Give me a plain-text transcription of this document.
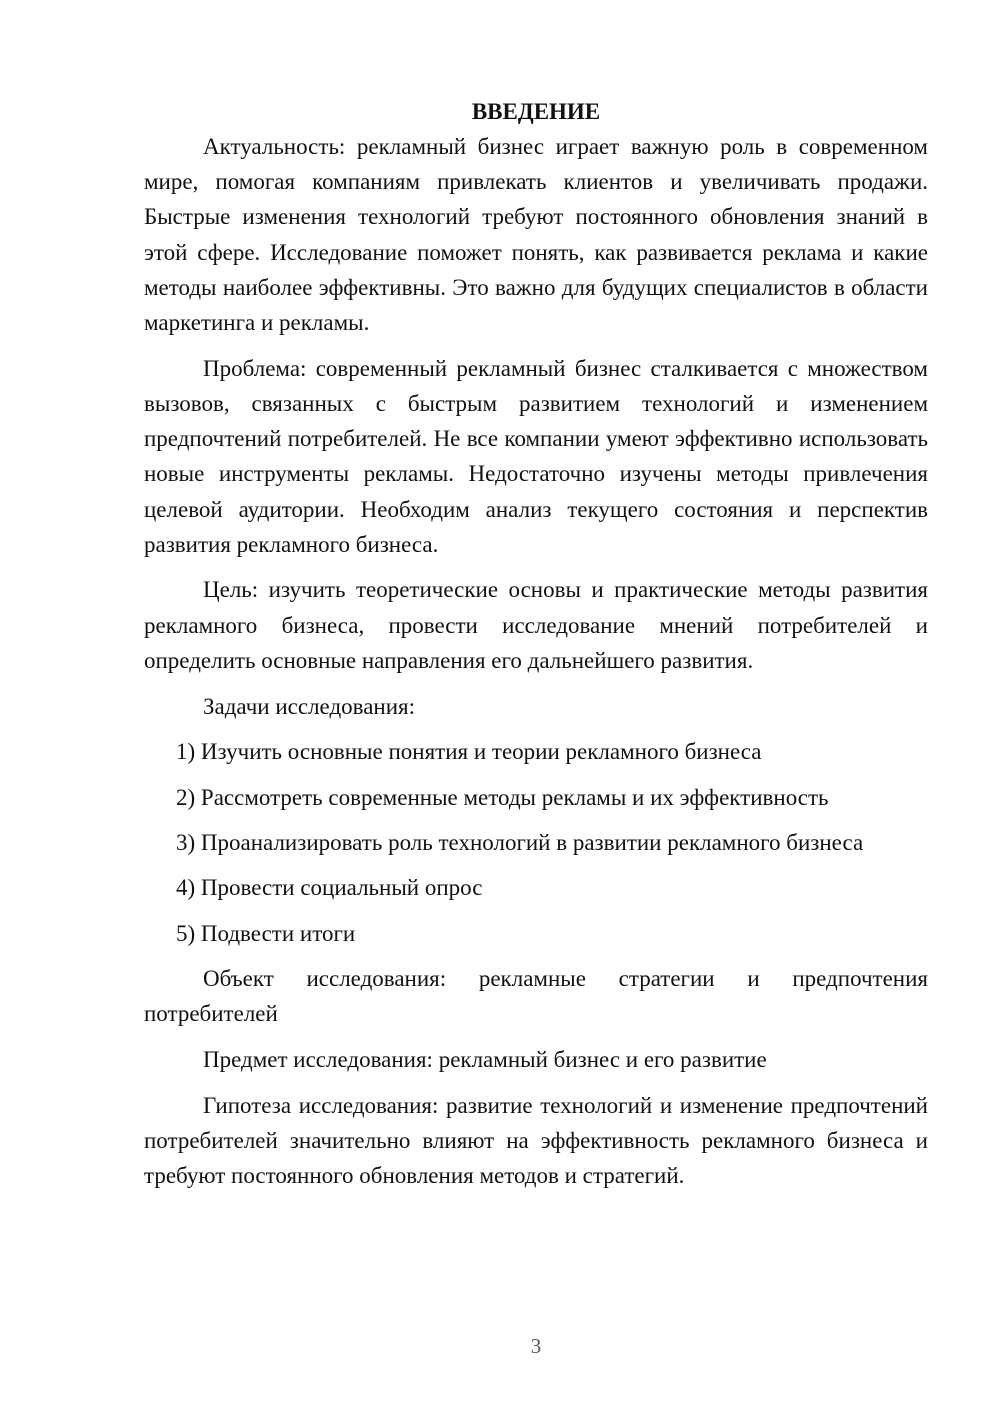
ВВЕДЕНИЕ

Актуальность: рекламный бизнес играет важную роль в современном мире, помогая компаниям привлекать клиентов и увеличивать продажи. Быстрые изменения технологий требуют постоянного обновления знаний в этой сфере. Исследование поможет понять, как развивается реклама и какие методы наиболее эффективны. Это важно для будущих специалистов в области маркетинга и рекламы.

Проблема: современный рекламный бизнес сталкивается с множеством вызовов, связанных с быстрым развитием технологий и изменением предпочтений потребителей. Не все компании умеют эффективно использовать новые инструменты рекламы. Недостаточно изучены методы привлечения целевой аудитории. Необходим анализ текущего состояния и перспектив развития рекламного бизнеса.

Цель: изучить теоретические основы и практические методы развития рекламного бизнеса, провести исследование мнений потребителей и определить основные направления его дальнейшего развития.

Задачи исследования:

1) Изучить основные понятия и теории рекламного бизнеса
2) Рассмотреть современные методы рекламы и их эффективность
3) Проанализировать роль технологий в развитии рекламного бизнеса
4) Провести социальный опрос
5) Подвести итоги

Объект исследования: рекламные стратегии и предпочтения потребителей

Предмет исследования: рекламный бизнес и его развитие

Гипотеза исследования: развитие технологий и изменение предпочтений потребителей значительно влияют на эффективность рекламного бизнеса и требуют постоянного обновления методов и стратегий.

3
